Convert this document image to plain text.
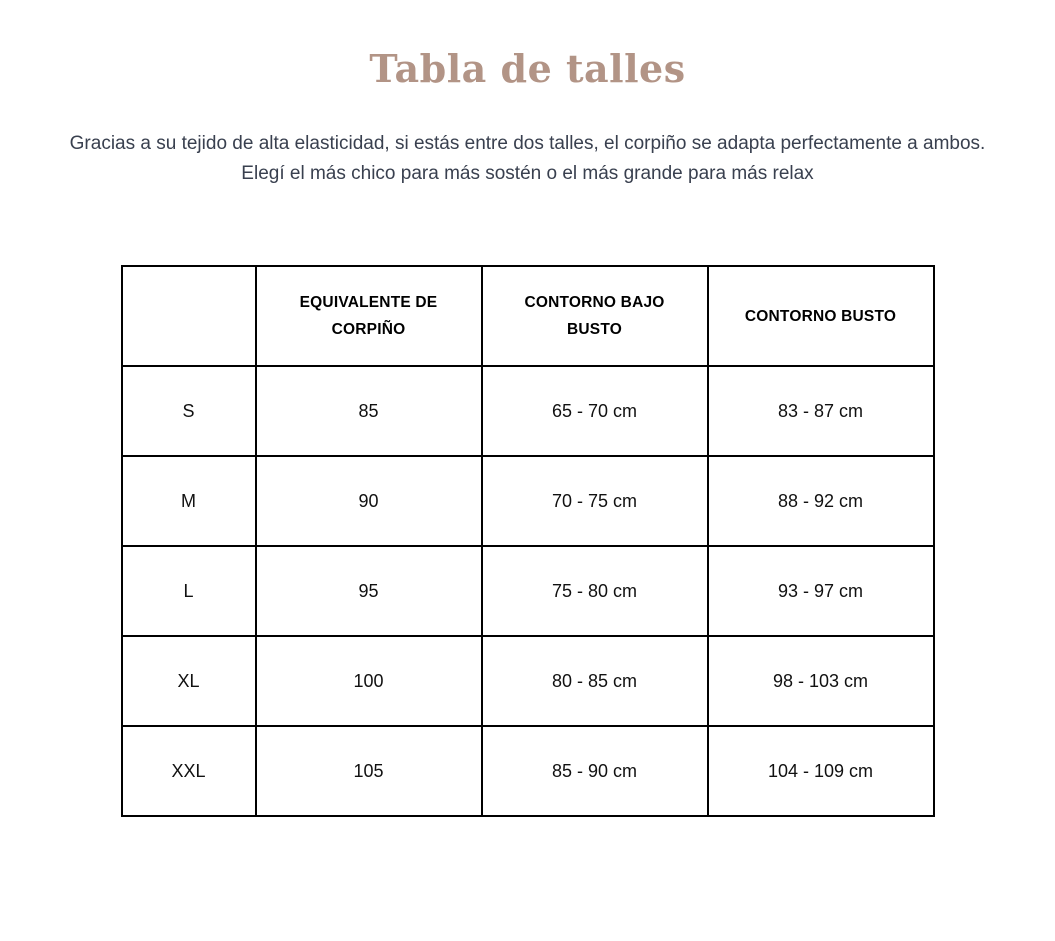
Tabla de talles

Gracias a su tejido de alta elasticidad, si estás entre dos talles, el corpiño se adapta perfectamente a ambos. Elegí el más chico para más sostén o el más grande para más relax

	EQUIVALENTE DE CORPIÑO	CONTORNO BAJO BUSTO	CONTORNO BUSTO
S	85	65 - 70 cm	83 - 87 cm
M	90	70 - 75 cm	88 - 92 cm
L	95	75 - 80 cm	93 - 97 cm
XL	100	80 - 85 cm	98 - 103 cm
XXL	105	85 - 90 cm	104 - 109 cm
